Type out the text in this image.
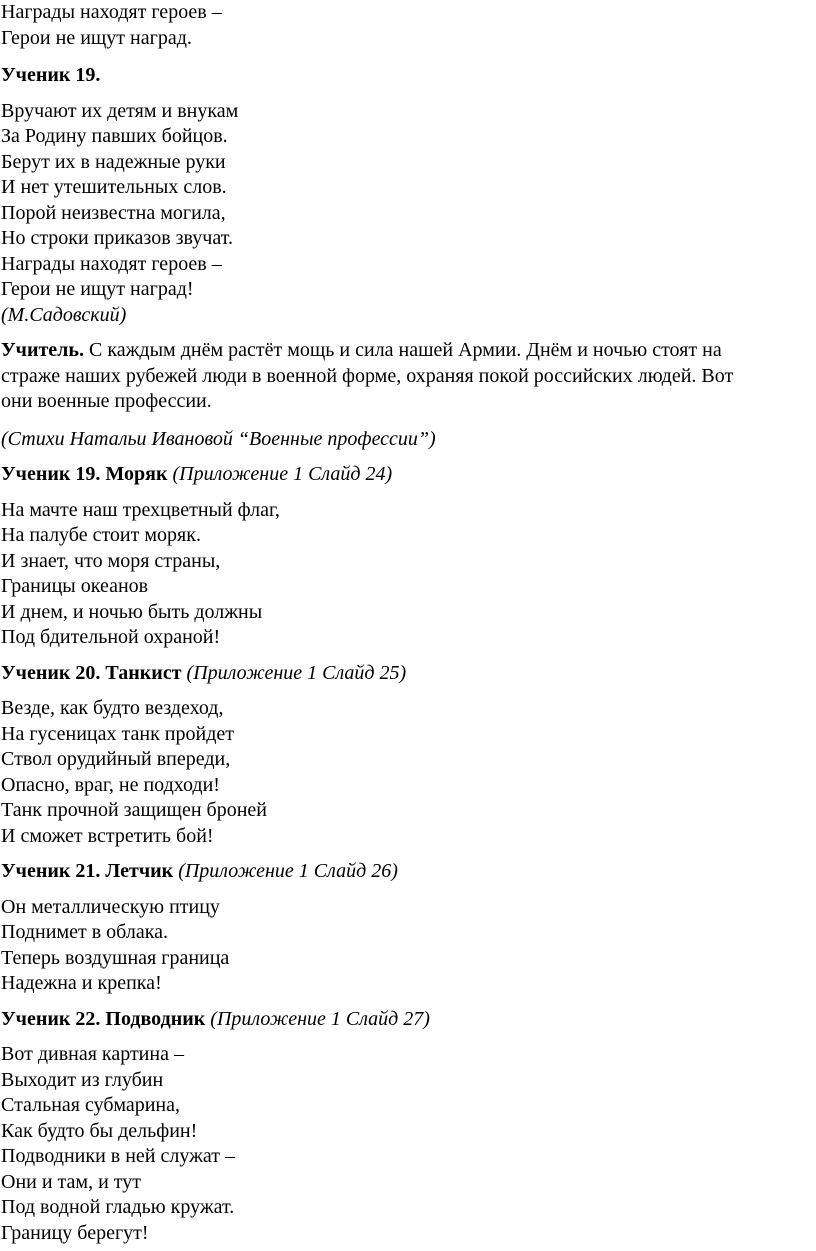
Награды находят героев –
Герои не ищут наград.
Ученик 19.
Вручают их детям и внукам
За Родину павших бойцов.
Берут их в надежные руки
И нет утешительных слов.
Порой неизвестна могила,
Но строки приказов звучат.
Награды находят героев –
Герои не ищут наград!
(М.Садовский)
Учитель. С каждым днём растёт мощь и сила нашей Армии. Днём и ночью стоят на
страже наших рубежей люди в военной форме, охраняя покой российских людей. Вот
они военные профессии.
(Стихи Натальи Ивановой “Военные профессии”)
Ученик 19. Моряк (Приложение 1 Слайд 24)
На мачте наш трехцветный флаг,
На палубе стоит моряк.
И знает, что моря страны,
Границы океанов
И днем, и ночью быть должны
Под бдительной охраной!
Ученик 20. Танкист (Приложение 1 Слайд 25)
Везде, как будто вездеход,
На гусеницах танк пройдет
Ствол орудийный впереди,
Опасно, враг, не подходи!
Танк прочной защищен броней
И сможет встретить бой!
Ученик 21. Летчик (Приложение 1 Слайд 26)
Он металлическую птицу
Поднимет в облака.
Теперь воздушная граница
Надежна и крепка!
Ученик 22. Подводник (Приложение 1 Слайд 27)
Вот дивная картина –
Выходит из глубин
Стальная субмарина,
Как будто бы дельфин!
Подводники в ней служат –
Они и там, и тут
Под водной гладью кружат.
Границу берегут!
